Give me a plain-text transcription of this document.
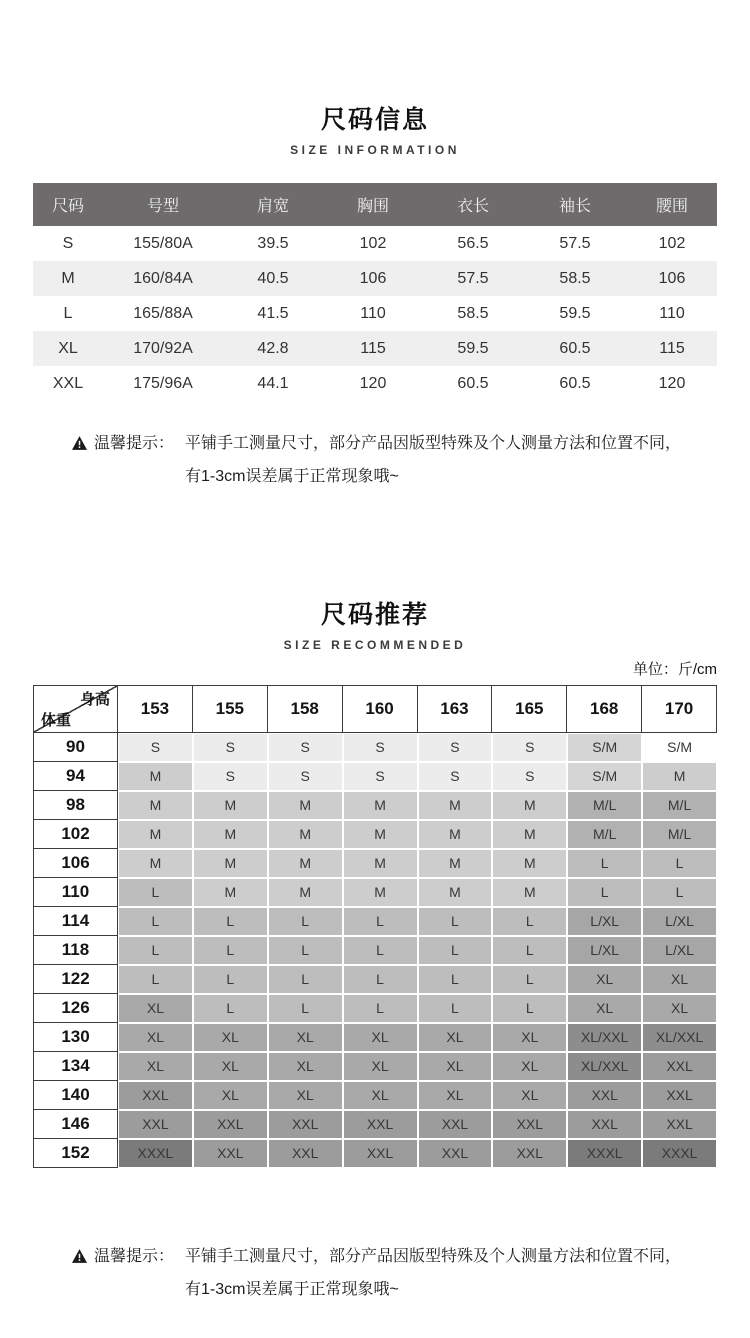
尺码信息
SIZE INFORMATION
尺码	号型	肩宽	胸围	衣长	袖长	腰围
S	155/80A	39.5	102	56.5	57.5	102
M	160/84A	40.5	106	57.5	58.5	106
L	165/88A	41.5	110	58.5	59.5	110
XL	170/92A	42.8	115	59.5	60.5	115
XXL	175/96A	44.1	120	60.5	60.5	120
温馨提示： 平铺手工测量尺寸，部分产品因版型特殊及个人测量方法和位置不同，
有1-3cm误差属于正常现象哦~
尺码推荐
SIZE RECOMMENDED
单位：斤/cm
身高
体重	153	155	158	160	163	165	168	170
90	S	S	S	S	S	S	S/M	S/M
94	M	S	S	S	S	S	S/M	M
98	M	M	M	M	M	M	M/L	M/L
102	M	M	M	M	M	M	M/L	M/L
106	M	M	M	M	M	M	L	L
110	L	M	M	M	M	M	L	L
114	L	L	L	L	L	L	L/XL	L/XL
118	L	L	L	L	L	L	L/XL	L/XL
122	L	L	L	L	L	L	XL	XL
126	XL	L	L	L	L	L	XL	XL
130	XL	XL	XL	XL	XL	XL	XL/XXL	XL/XXL
134	XL	XL	XL	XL	XL	XL	XL/XXL	XXL
140	XXL	XL	XL	XL	XL	XL	XXL	XXL
146	XXL	XXL	XXL	XXL	XXL	XXL	XXL	XXL
152	XXXL	XXL	XXL	XXL	XXL	XXL	XXXL	XXXL
温馨提示： 平铺手工测量尺寸，部分产品因版型特殊及个人测量方法和位置不同，
有1-3cm误差属于正常现象哦~
